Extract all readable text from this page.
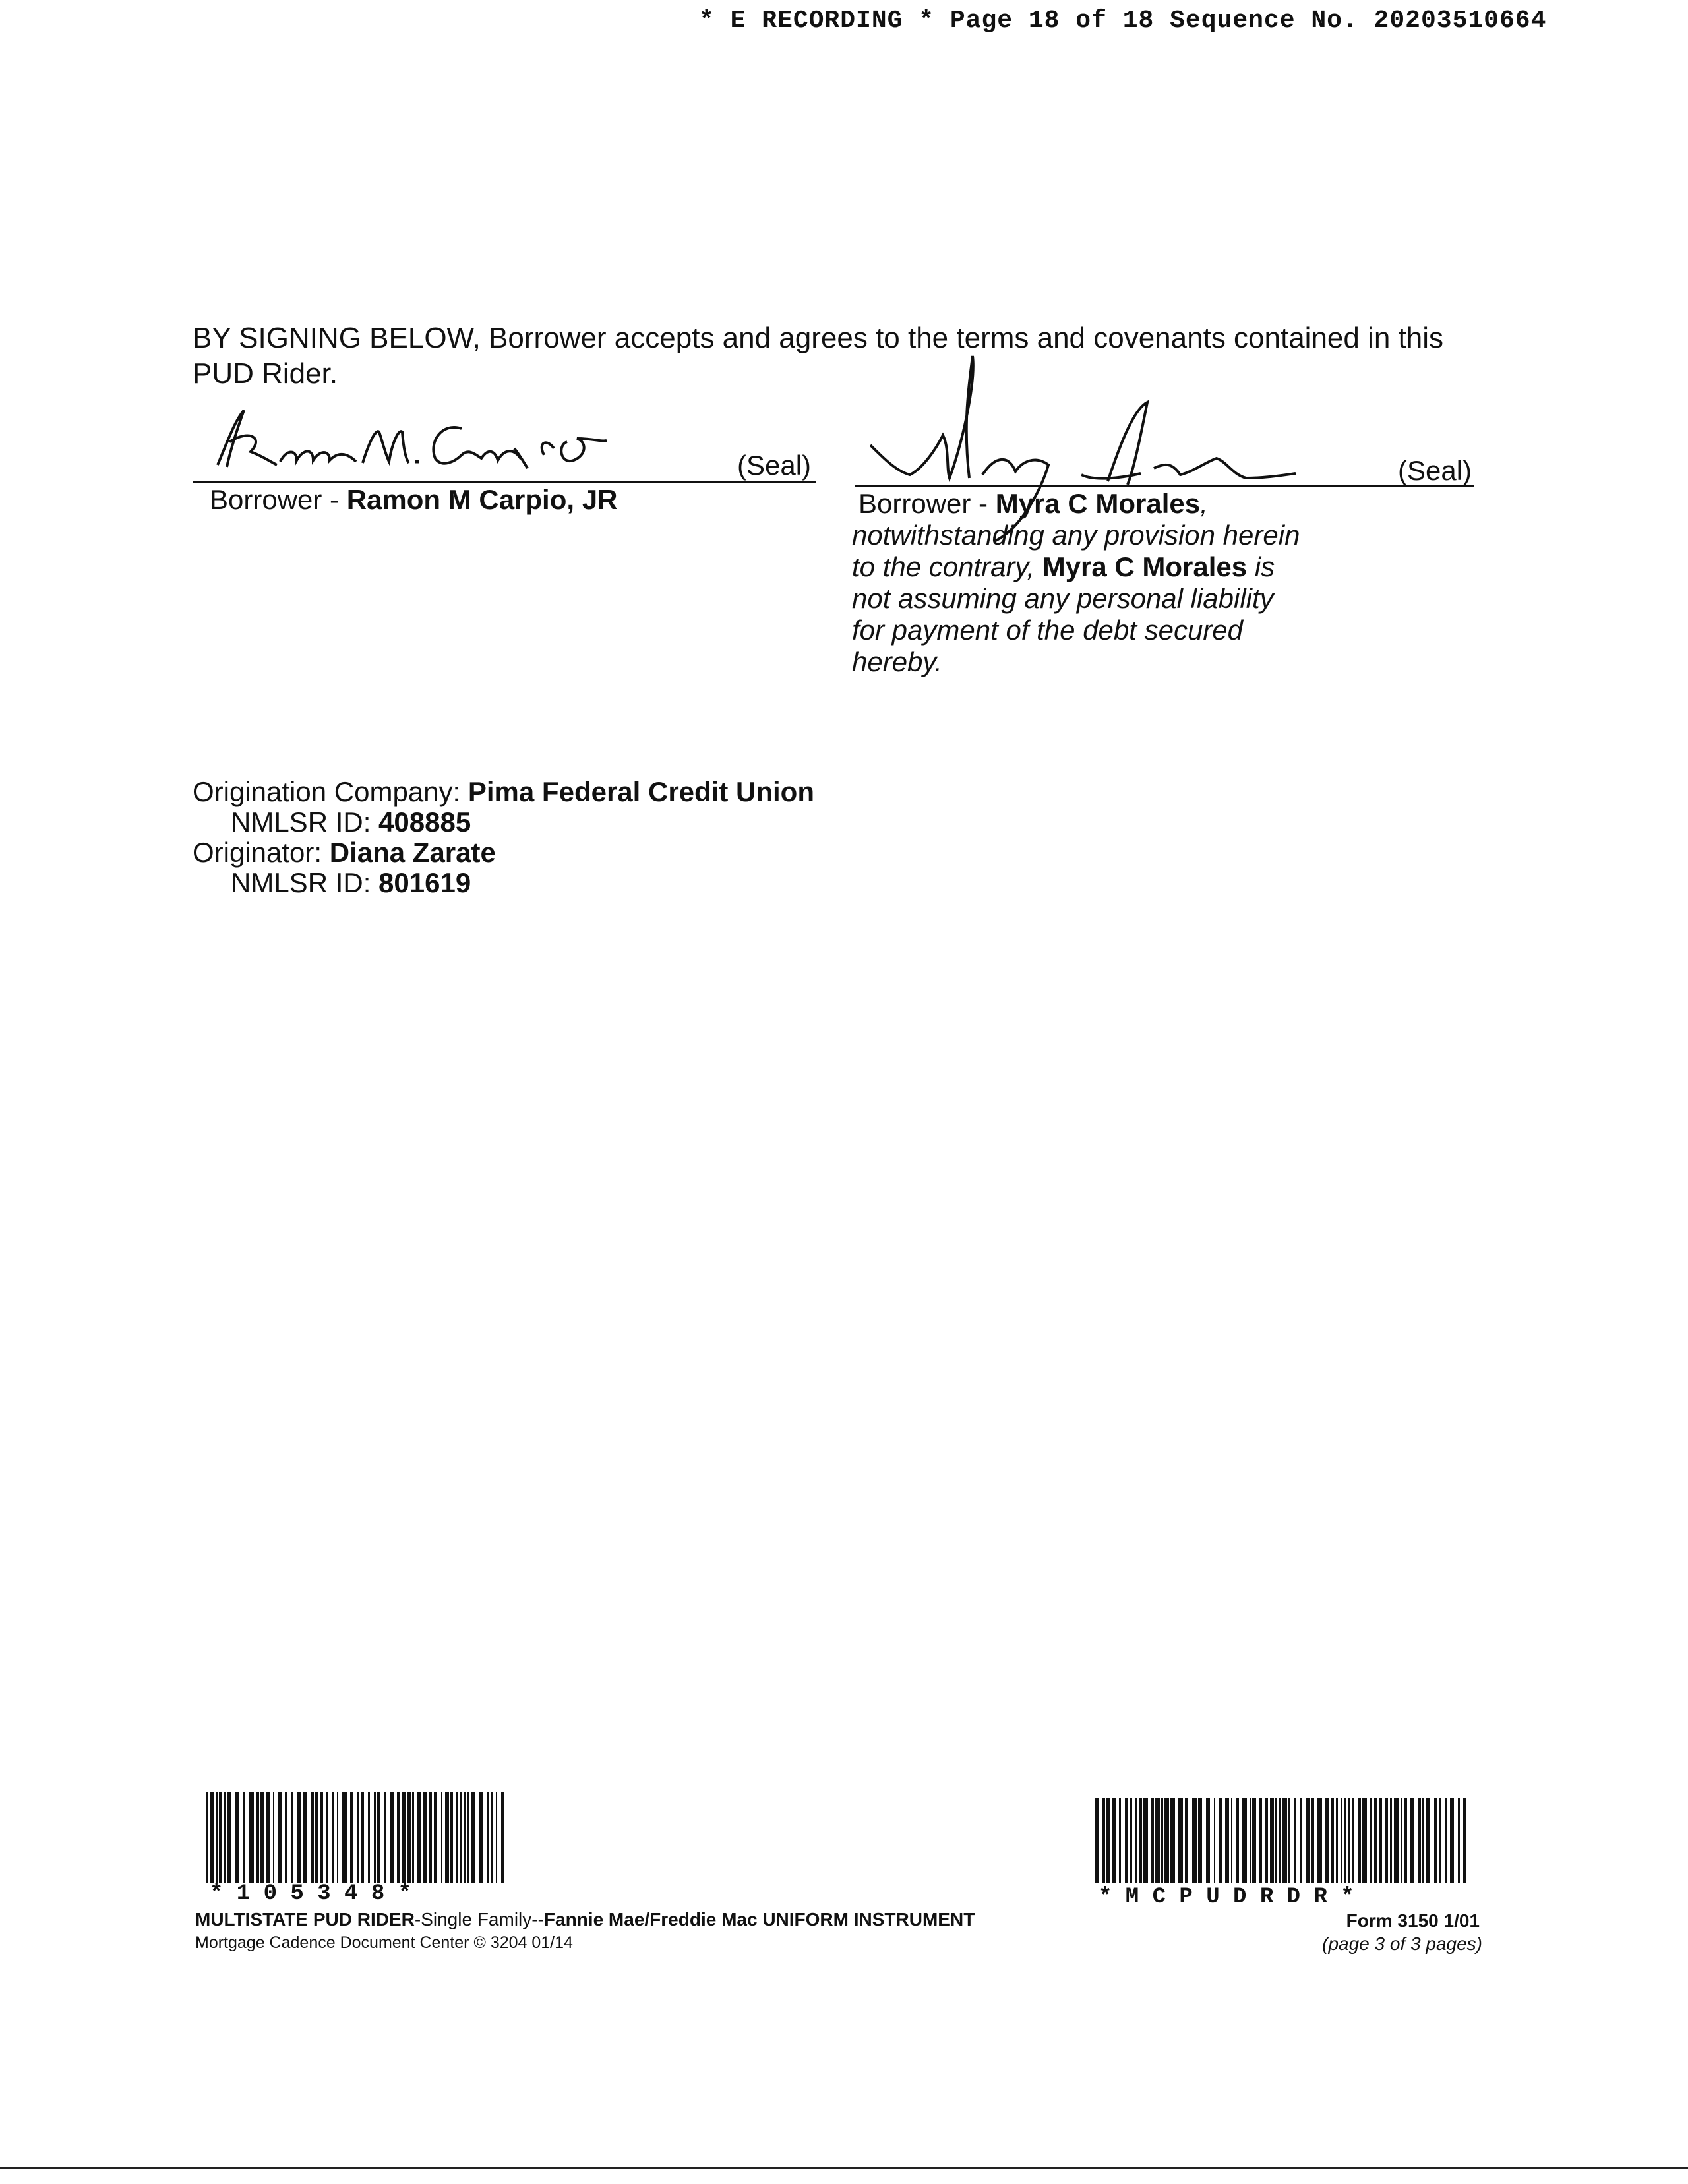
* E RECORDING * Page 18 of 18 Sequence No. 20203510664
BY SIGNING BELOW, Borrower accepts and agrees to the terms and covenants contained in this PUD Rider.
(Seal)
Borrower - Ramon M Carpio, JR
(Seal)
Borrower - Myra C Morales, notwithstanding any provision herein to the contrary, Myra C Morales is not assuming any personal liability for payment of the debt secured hereby.
Origination Company: Pima Federal Credit Union
NMLSR ID: 408885
Originator: Diana Zarate
NMLSR ID: 801619
* 1 0 5 3 4 8 *	* M C P U D R D R *
MULTISTATE PUD RIDER-Single Family--Fannie Mae/Freddie Mac UNIFORM INSTRUMENT
Mortgage Cadence Document Center © 3204 01/14
Form 3150 1/01
(page 3 of 3 pages)
